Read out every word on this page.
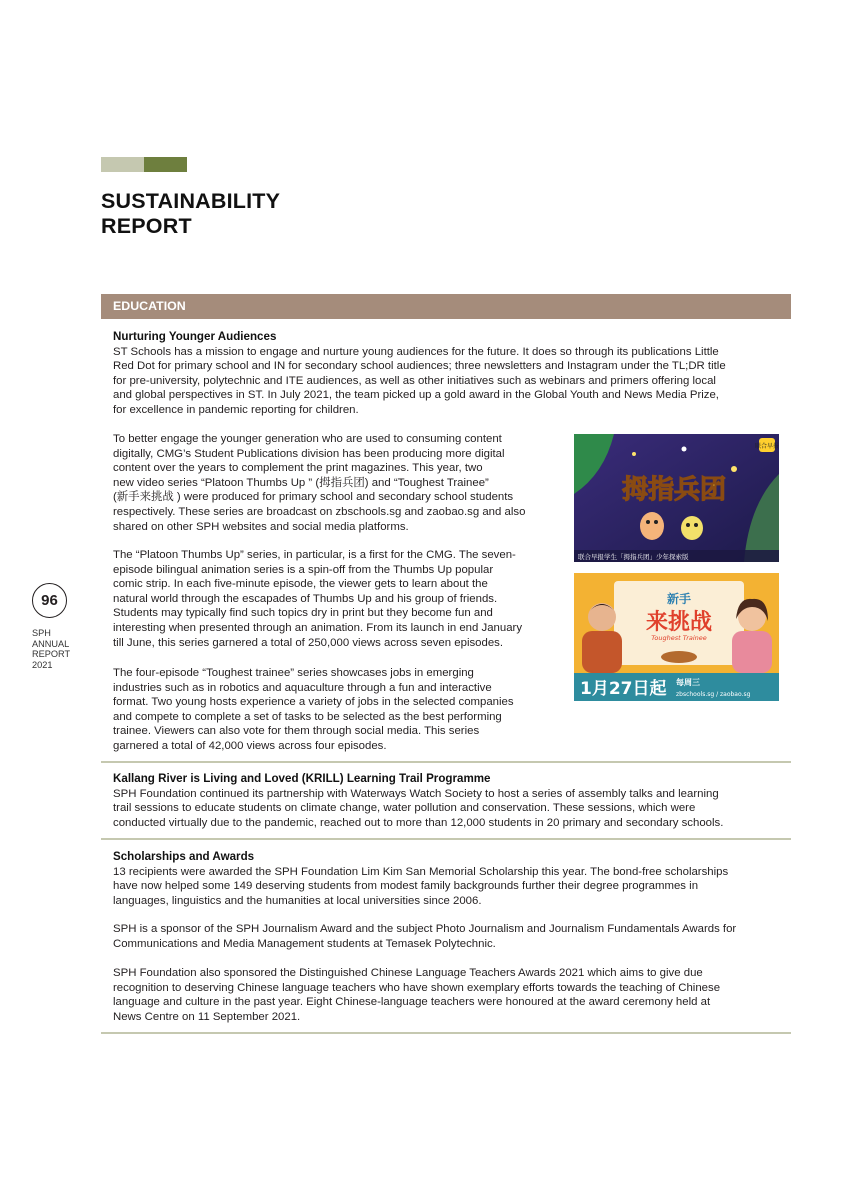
SUSTAINABILITY
REPORT
96
SPH
ANNUAL
REPORT
2021
EDUCATION
Nurturing Younger Audiences

ST Schools has a mission to engage and nurture young audiences for the future. It does so through its publications Little
Red Dot for primary school and IN for secondary school audiences; three newsletters and Instagram under the TL;DR title
for pre-university, polytechnic and ITE audiences, as well as other initiatives such as webinars and primers offering local
and global perspectives in ST. In July 2021, the team picked up a gold award in the Global Youth and News Media Prize,
for excellence in pandemic reporting for children.

To better engage the younger generation who are used to consuming content
digitally, CMG’s Student Publications division has been producing more digital
content over the years to complement the print magazines. This year, two
new video series “Platoon Thumbs Up ” (拇指兵团) and “Toughest Trainee”
(新手来挑战 ) were produced for primary school and secondary school students
respectively. These series are broadcast on zbschools.sg and zaobao.sg and also
shared on other SPH websites and social media platforms.

The “Platoon Thumbs Up” series, in particular, is a first for the CMG. The seven-
episode bilingual animation series is a spin-off from the Thumbs Up popular
comic strip. In each five-minute episode, the viewer gets to learn about the
natural world through the escapades of Thumbs Up and his group of friends.
Students may typically find such topics dry in print but they become fun and
interesting when presented through an animation. From its launch in end January
till June, this series garnered a total of 250,000 views across seven episodes.

The four-episode “Toughest trainee” series showcases jobs in emerging
industries such as in robotics and aquaculture through a fun and interactive
format. Two young hosts experience a variety of jobs in the selected companies
and compete to complete a set of tasks to be selected as the best performing
trainee. Viewers can also vote for them through social media. This series
garnered a total of 42,000 views across four episodes.

联合早报
拇指兵团
联合早报学生「拇指兵团」少年探索版
新手
来挑战
Toughest Trainee
1月27日起 每周三
zbschools.sg / zaobao.sg
Kallang River is Living and Loved (KRILL) Learning Trail Programme

SPH Foundation continued its partnership with Waterways Watch Society to host a series of assembly talks and learning
trail sessions to educate students on climate change, water pollution and conservation. These sessions, which were
conducted virtually due to the pandemic, reached out to more than 12,000 students in 20 primary and secondary schools.

Scholarships and Awards

13 recipients were awarded the SPH Foundation Lim Kim San Memorial Scholarship this year. The bond-free scholarships
have now helped some 149 deserving students from modest family backgrounds further their degree programmes in
languages, linguistics and the humanities at local universities since 2006.

SPH is a sponsor of the SPH Journalism Award and the subject Photo Journalism and Journalism Fundamentals Awards for
Communications and Media Management students at Temasek Polytechnic.

SPH Foundation also sponsored the Distinguished Chinese Language Teachers Awards 2021 which aims to give due
recognition to deserving Chinese language teachers who have shown exemplary efforts towards the teaching of Chinese
language and culture in the past year. Eight Chinese-language teachers were honoured at the award ceremony held at
News Centre on 11 September 2021.
